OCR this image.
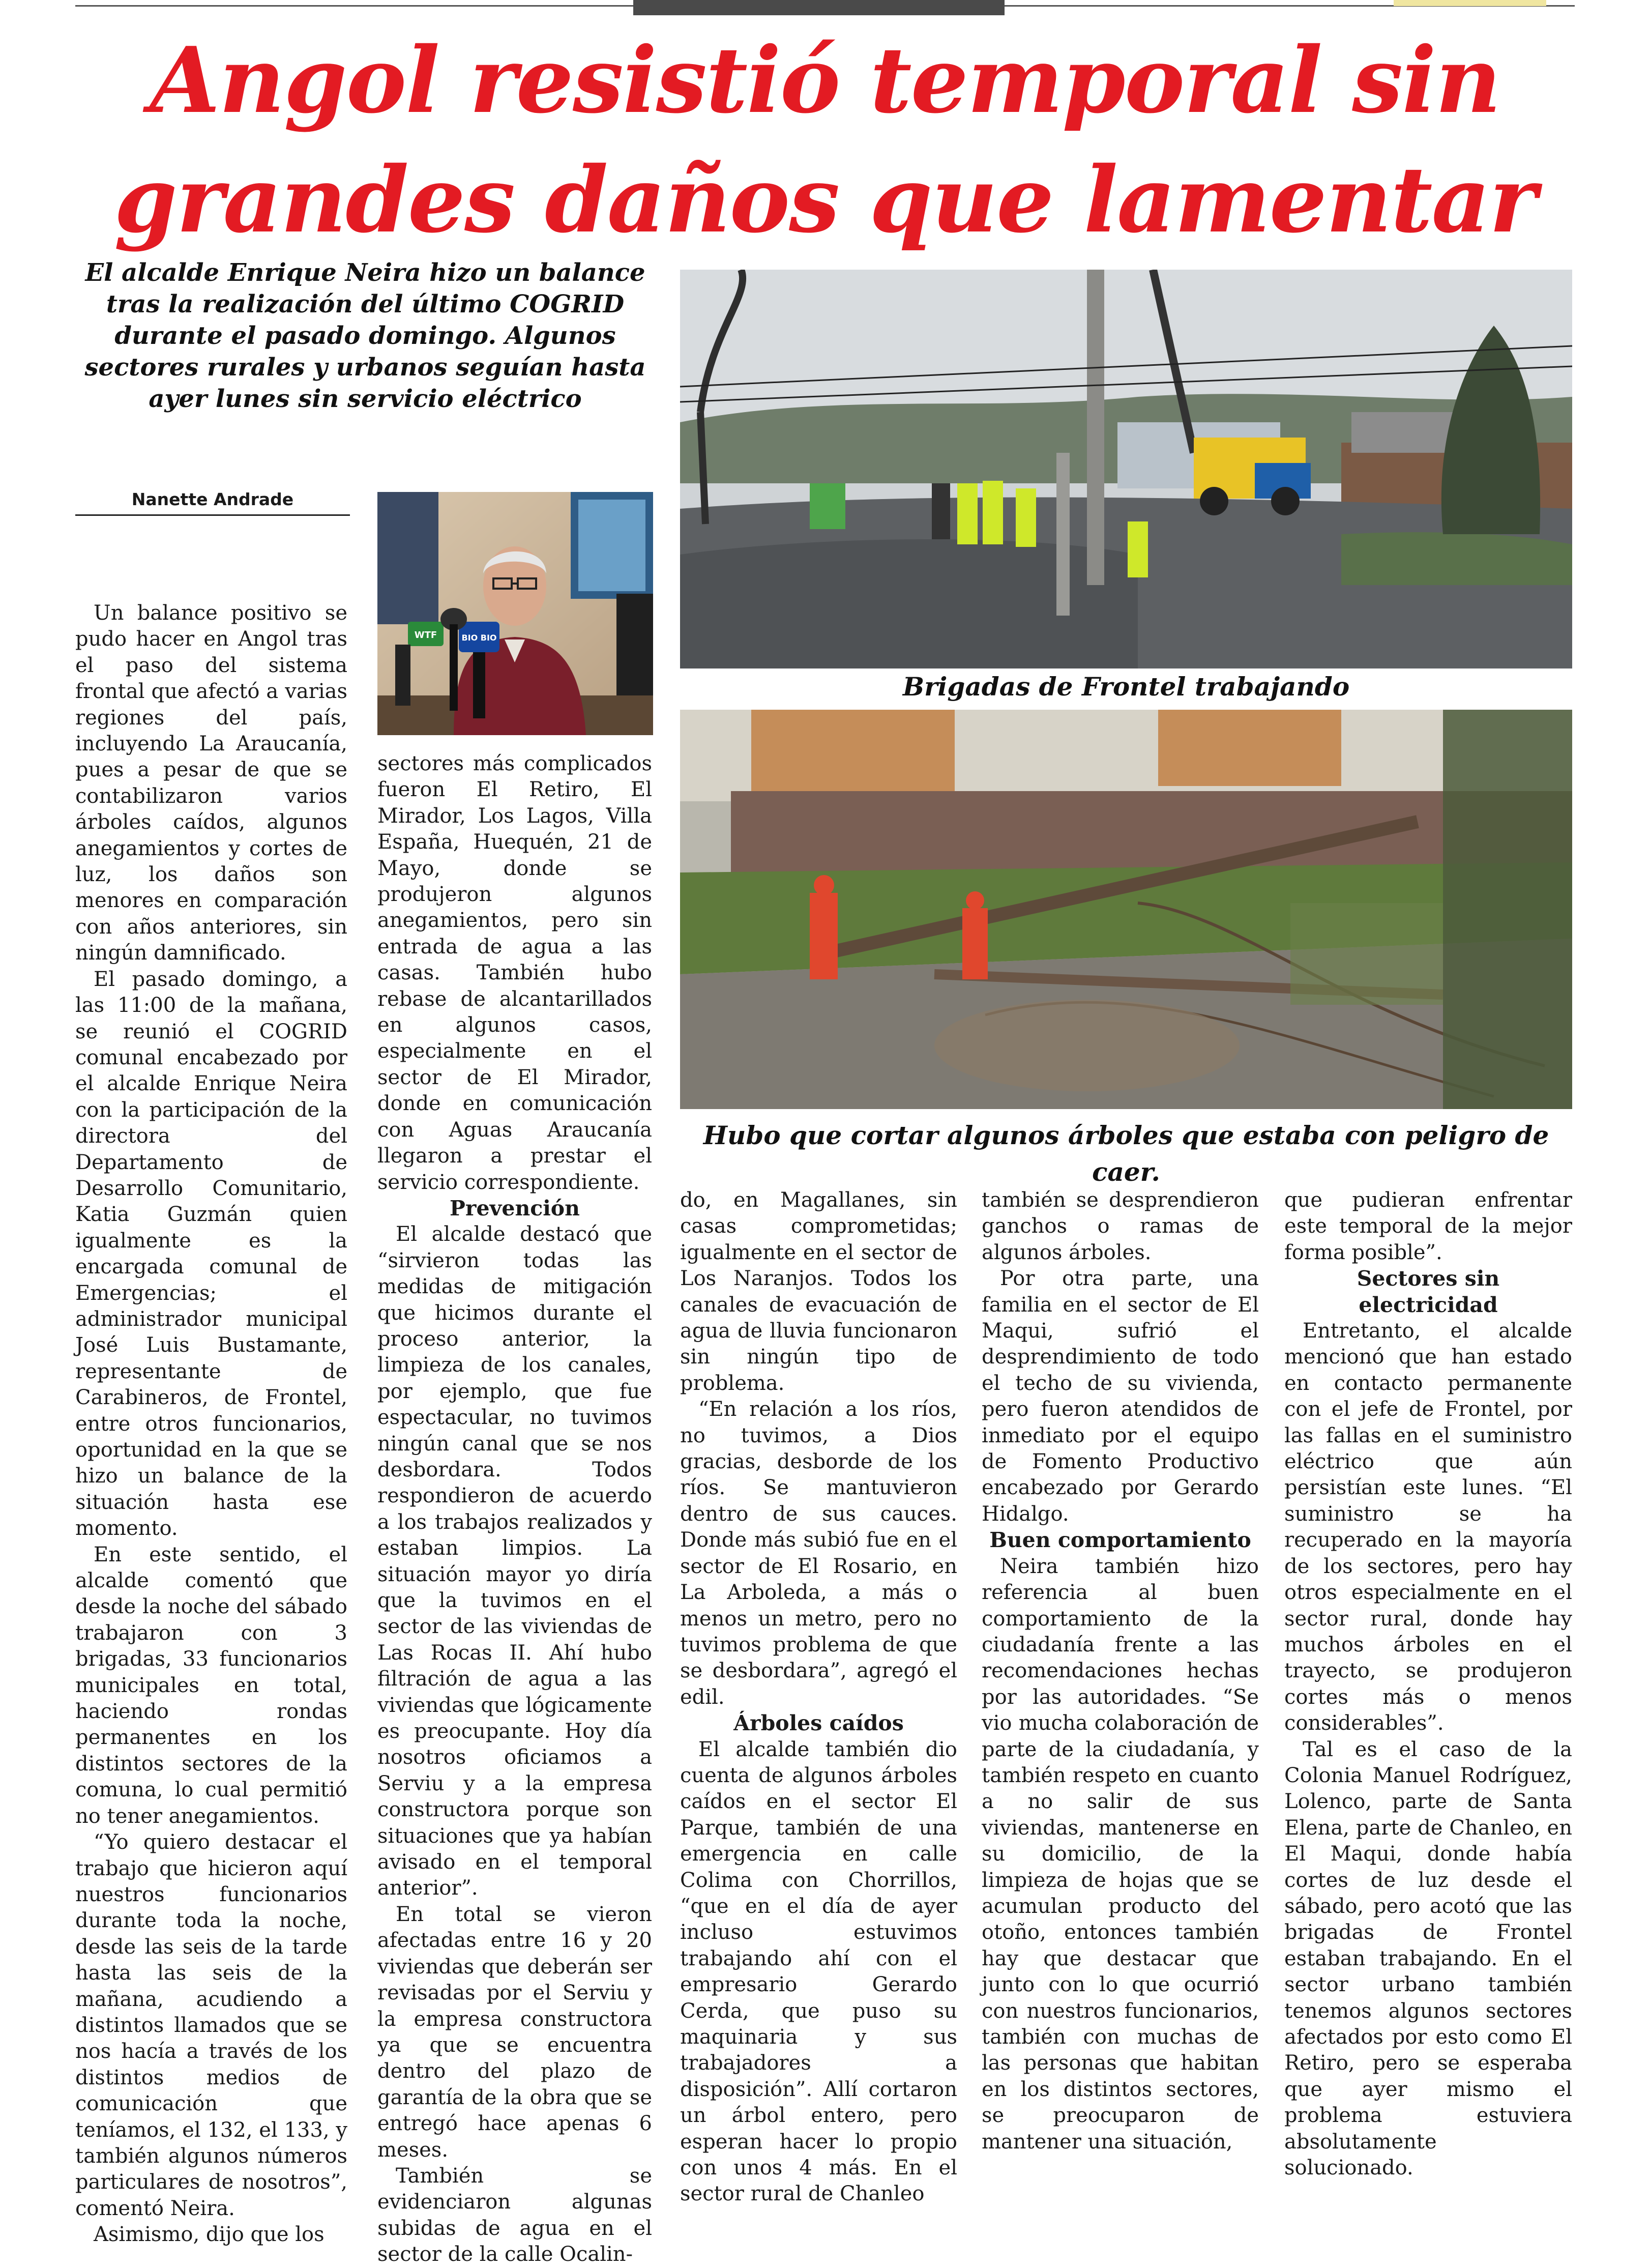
Angol resistió temporal sin
grandes daños que lamentar
El alcalde Enrique Neira hizo un balance tras la realización del último COGRID durante el pasado domingo. Algunos sectores rurales y urbanos seguían hasta ayer lunes sin servicio eléctrico
Nanette Andrade
WTF	BIO BIO
Brigadas de Frontel trabajando
Hubo que cortar algunos árboles que estaba con peligro de caer.

Un balance positivo se pudo hacer en Angol tras el paso del sistema frontal que afectó a varias regiones del país, incluyendo La Araucanía, pues a pesar de que se contabilizaron varios árboles caídos, algunos anegamientos y cortes de luz, los daños son menores en comparación con años anteriores, sin ningún damnificado.

El pasado domingo, a las 11:00 de la mañana, se reunió el COGRID comunal encabezado por el alcalde Enrique Neira con la participación de la directora del Departamento de Desarrollo Comunitario, Katia Guzmán quien igualmente es la encargada comunal de Emergencias; el administrador municipal José Luis Bustamante, representante de Carabineros, de Frontel, entre otros funcionarios, oportunidad en la que se hizo un balance de la situación hasta ese momento.

En este sentido, el alcalde comentó que desde la noche del sábado trabajaron con 3 brigadas, 33 funcionarios municipales en total, haciendo rondas permanentes en los distintos sectores de la comuna, lo cual permitió no tener anegamientos.

“Yo quiero destacar el trabajo que hicieron aquí nuestros funcionarios durante toda la noche, desde las seis de la tarde hasta las seis de la mañana, acudiendo a distintos llamados que se nos hacía a través de los distintos medios de comunicación que teníamos, el 132, el 133, y también algunos números particulares de nosotros”, comentó Neira.

Asimismo, dijo que los

sectores más complicados fueron El Retiro, El Mirador, Los Lagos, Villa España, Huequén, 21 de Mayo, donde se produjeron algunos anegamientos, pero sin entrada de agua a las casas. También hubo rebase de alcantarillados en algunos casos, especialmente en el sector de El Mirador, donde en comunicación con Aguas Araucanía llegaron a prestar el servicio correspondiente.

Prevención

El alcalde destacó que “sirvieron todas las medidas de mitigación que hicimos durante el proceso anterior, la limpieza de los canales, por ejemplo, que fue espectacular, no tuvimos ningún canal que se nos desbordara. Todos respondieron de acuerdo a los trabajos realizados y estaban limpios. La situación mayor yo diría que la tuvimos en el sector de las viviendas de Las Rocas II. Ahí hubo filtración de agua a las viviendas que lógicamente es preocupante. Hoy día nosotros oficiamos a Serviu y a la empresa constructora porque son situaciones que ya habían avisado en el temporal anterior”.

En total se vieron afectadas entre 16 y 20 viviendas que deberán ser revisadas por el Serviu y la empresa constructora ya que se encuentra dentro del plazo de garantía de la obra que se entregó hace apenas 6 meses.

También se evidenciaron algunas subidas de agua en el sector de la calle Ocalin-

do, en Magallanes, sin casas comprometidas; igualmente en el sector de Los Naranjos. Todos los canales de evacuación de agua de lluvia funcionaron sin ningún tipo de problema.

“En relación a los ríos, no tuvimos, a Dios gracias, desborde de los ríos. Se mantuvieron dentro de sus cauces. Donde más subió fue en el sector de El Rosario, en La Arboleda, a más o menos un metro, pero no tuvimos problema de que se desbordara”, agregó el edil.

Árboles caídos

El alcalde también dio cuenta de algunos árboles caídos en el sector El Parque, también de una emergencia en calle Colima con Chorrillos, “que en el día de ayer incluso estuvimos trabajando ahí con el empresario Gerardo Cerda, que puso su maquinaria y sus trabajadores a disposición”. Allí cortaron un árbol entero, pero esperan hacer lo propio con unos 4 más. En el sector rural de Chanleo

también se desprendieron ganchos o ramas de algunos árboles.

Por otra parte, una familia en el sector de El Maqui, sufrió el desprendimiento de todo el techo de su vivienda, pero fueron atendidos de inmediato por el equipo de Fomento Productivo encabezado por Gerardo Hidalgo.

Buen comportamiento

Neira también hizo referencia al buen comportamiento de la ciudadanía frente a las recomendaciones hechas por las autoridades. “Se vio mucha colaboración de parte de la ciudadanía, y también respeto en cuanto a no salir de sus viviendas, mantenerse en su domicilio, de la limpieza de hojas que se acumulan producto del otoño, entonces también hay que destacar que junto con lo que ocurrió con nuestros funcionarios, también con muchas de las personas que habitan en los distintos sectores, se preocuparon de mantener una situación,

que pudieran enfrentar este temporal de la mejor forma posible”.

Sectores sin electricidad

Entretanto, el alcalde mencionó que han estado en contacto permanente con el jefe de Frontel, por las fallas en el suministro eléctrico que aún persistían este lunes. “El suministro se ha recuperado en la mayoría de los sectores, pero hay otros especialmente en el sector rural, donde hay muchos árboles en el trayecto, se produjeron cortes más o menos considerables”.

Tal es el caso de la Colonia Manuel Rodríguez, Lolenco, parte de Santa Elena, parte de Chanleo, en El Maqui, donde había cortes de luz desde el sábado, pero acotó que las brigadas de Frontel estaban trabajando. En el sector urbano también tenemos algunos sectores afectados por esto como El Retiro, pero se esperaba que ayer mismo el problema estuviera absolutamente solucionado.
